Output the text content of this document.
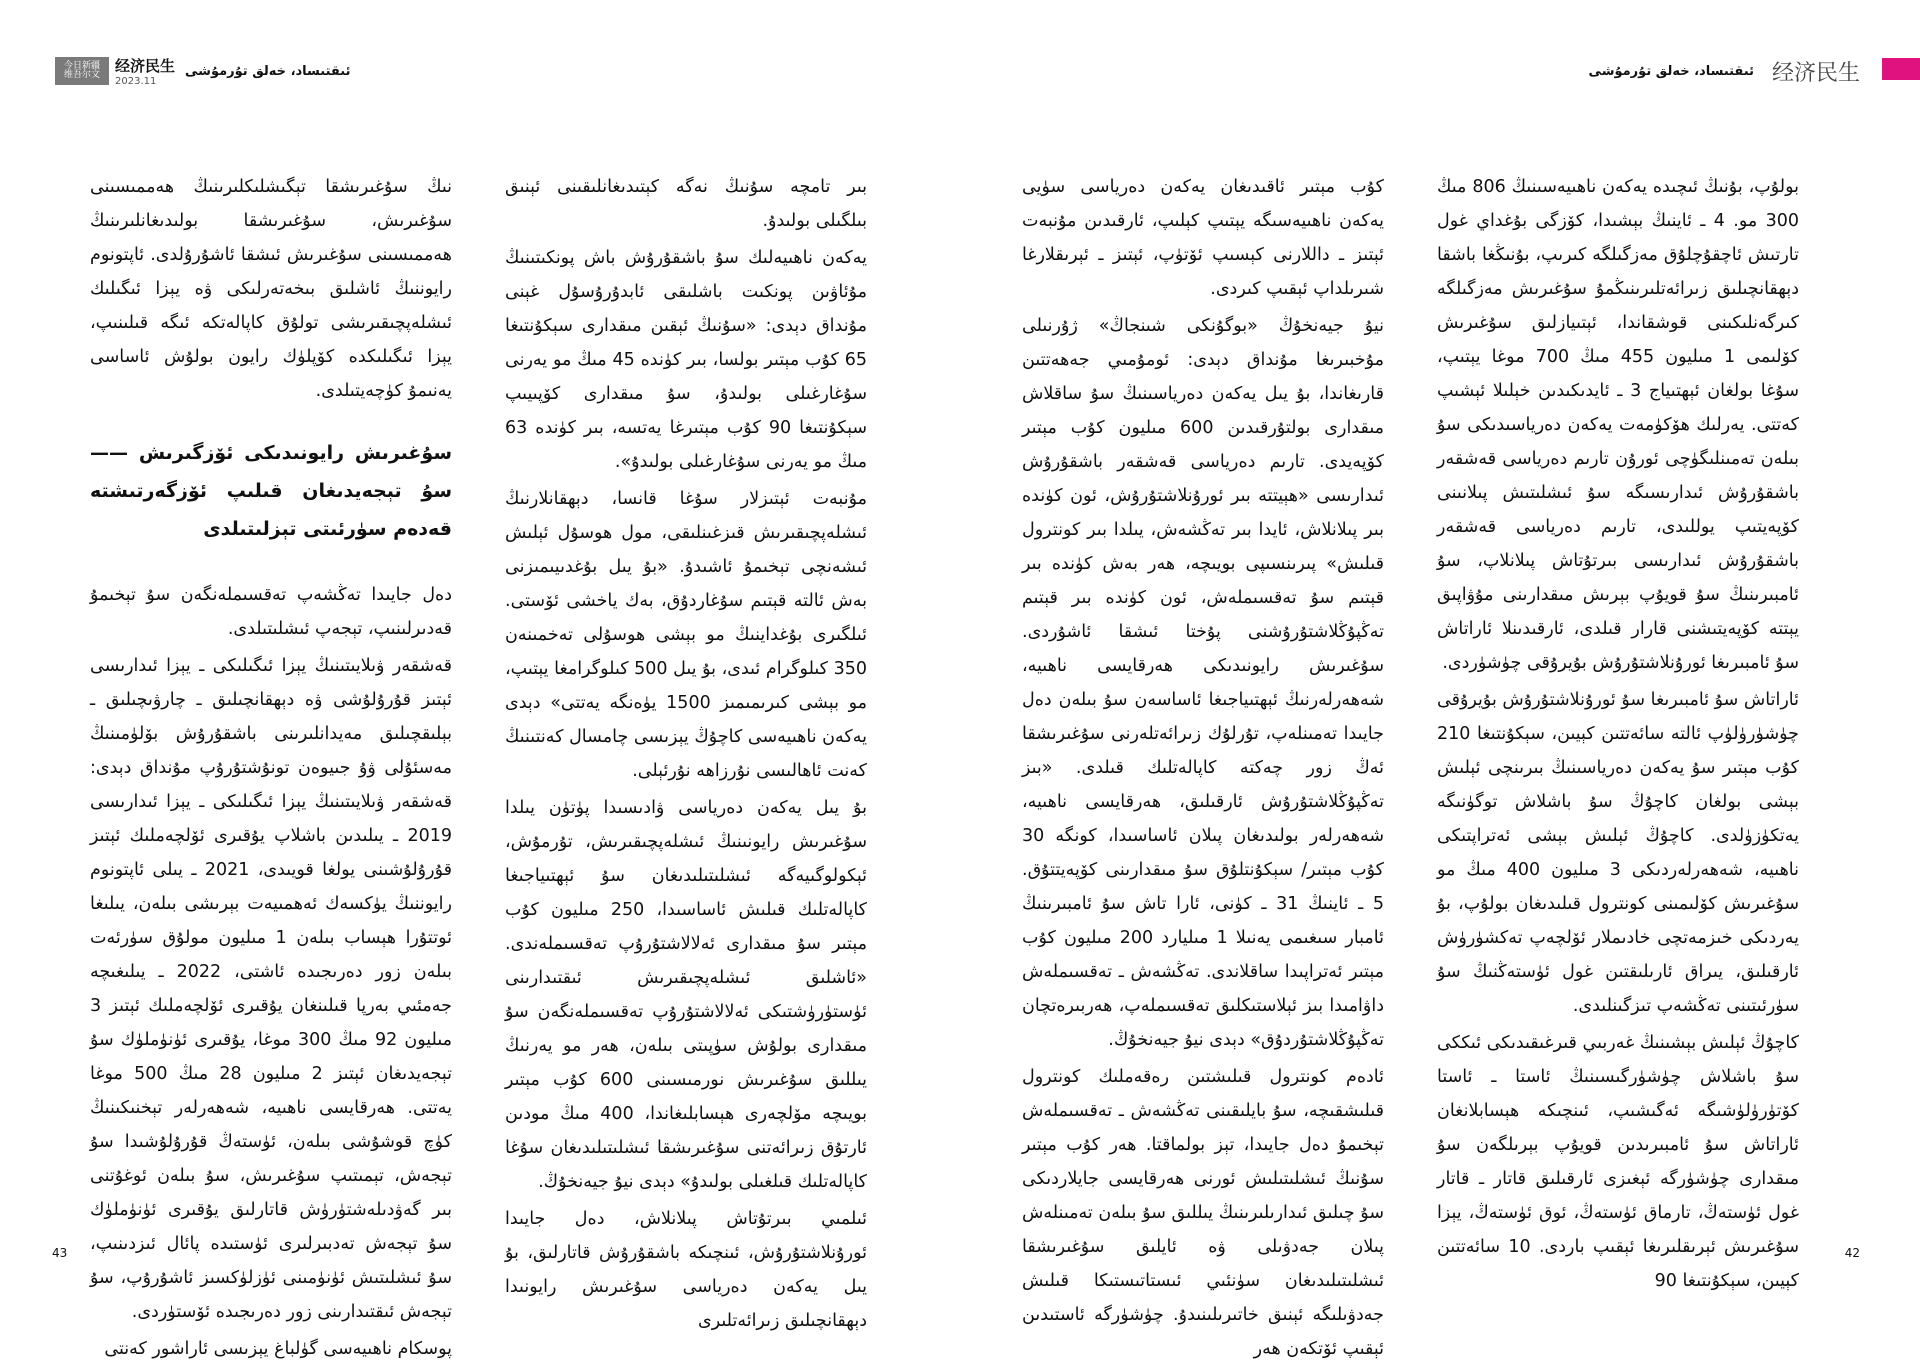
今日新疆
维吾尔文 经济民生
2023.11
ئىقتىساد، خەلق تۇرمۇشى	ئىقتىساد، خەلق تۇرمۇشى 经济民生

نىڭ سۇغىرىشقا تېگىشلىكلىرىنىڭ ھەممىسىنى سۇغىرىش، سۇغىرىشقا بولىدىغانلىرىنىڭ ھەممىسىنى سۇغىرىش ئىشقا ئاشۇرۇلدى. ئاپتونوم رايوننىڭ ئاشلىق بىخەتەرلىكى ۋە يېزا ئىگىلىك ئىشلەپچىقىرىشى تولۇق كاپالەتكە ئىگە قىلىنىپ، يېزا ئىگىلىكدە كۆپلۈك رايون بولۇش ئاساسى يەنىمۇ كۈچەيتىلدى.

سۇغىرىش رايونىدىكى ئۆزگىرىش —— سۇ تېجەيدىغان قىلىپ ئۆزگەرتىشتە قەدەم سۈرئىتى تېزلىتىلدى

دەل جايىدا تەڭشەپ تەقسىملەنگەن سۇ تېخىمۇ قەدىرلىنىپ، تېجەپ ئىشلىتىلدى.

قەشقەر ۋىلايىتىنىڭ يېزا ئىگىلىكى ـ يېزا ئىدارىسى ئېتىز قۇرۇلۇشى ۋە دېھقانچىلىق ـ چارۋىچىلىق ـ بېلىقچىلىق مەيدانلىرىنى باشقۇرۇش بۆلۈمىنىڭ مەسئۇلى ۋۇ جىيوەن تونۇشتۇرۇپ مۇنداق دېدى: قەشقەر ۋىلايىتىنىڭ يېزا ئىگىلىكى ـ يېزا ئىدارىسى 2019 ـ يىلىدىن باشلاپ يۇقىرى ئۆلچەملىك ئېتىز قۇرۇلۇشىنى يولغا قويىدى، 2021 ـ يىلى ئاپتونوم رايوننىڭ يۈكسەك ئەھمىيەت بېرىشى بىلەن، يىلىغا ئوتتۇرا ھېساب بىلەن 1 مىليون مولۇق سۈرئەت بىلەن زور دەرىجىدە ئاشتى، 2022 ـ يىلىغىچە جەمئىي بەرپا قىلىنغان يۇقىرى ئۆلچەملىك ئېتىز 3 مىليون 92 مىڭ 300 موغا، يۇقىرى ئۈنۈملۈك سۇ تېجەيدىغان ئېتىز 2 مىليون 28 مىڭ 500 موغا يەتتى. ھەرقايسى ناھىيە، شەھەرلەر تېخنىكىنىڭ كۈچ قوشۇشى بىلەن، ئۈستەڭ قۇرۇلۇشىدا سۇ تېجەش، تېمىتىپ سۇغىرىش، سۇ بىلەن ئوغۇتنى بىر گەۋدىلەشتۈرۈش قاتارلىق يۇقىرى ئۈنۈملۈك سۇ تېجەش تەدبىرلىرى ئۈستىدە پائال ئىزدىنىپ، سۇ ئىشلىتىش ئۈنۈمىنى ئۈزلۈكسىز ئاشۇرۇپ، سۇ تېجەش ئىقتىدارىنى زور دەرىجىدە ئۆستۈردى.

پوسكام ناھىيەسى گۈلباغ يېزىسى ئاراشور كەنتى

بىر تامچە سۇنىڭ نەگە كېتىدىغانلىقىنى ئېنىق بىلگىلى بولىدۇ.

يەكەن ناھىيەلىك سۇ باشقۇرۇش باش پونكىتىنىڭ مۇئاۋىن پونكىت باشلىقى ئابدۇرۇسۇل غېنى مۇنداق دېدى: «سۇنىڭ ئېقىن مىقدارى سېكۇنتىغا 65 كۇب مېتىر بولسا، بىر كۈندە 45 مىڭ مو يەرنى سۇغارغىلى بولىدۇ، سۇ مىقدارى كۆپىيىپ سېكۇنتىغا 90 كۇب مېتىرغا يەتسە، بىر كۈندە 63 مىڭ مو يەرنى سۇغارغىلى بولىدۇ».

مۇنبەت ئېتىزلار سۇغا قانسا، دېھقانلارنىڭ ئىشلەپچىقىرىش قىزغىنلىقى، مول ھوسۇل ئېلىش ئىشەنچى تېخىمۇ ئاشىدۇ. «بۇ يىل بۇغدىيىمىزنى بەش ئالتە قېتىم سۇغاردۇق، بەك ياخشى ئۆستى. ئىلگىرى بۇغداينىڭ مو بېشى ھوسۇلى تەخمىنەن 350 كىلوگرام ئىدى، بۇ يىل 500 كىلوگرامغا يېتىپ، مو بېشى كىرىمىمىز 1500 يۈەنگە يەتتى» دېدى يەكەن ناھىيەسى كاچۇڭ يېزىسى چامسال كەنتىنىڭ كەنت ئاھالىسى نۇرزاھە نۇرئېلى.

بۇ يىل يەكەن دەرياسى ۋادىسىدا پۈتۈن يىلدا سۇغىرىش رايونىنىڭ ئىشلەپچىقىرىش، تۇرمۇش، ئېكولوگىيەگە ئىشلىتىلىدىغان سۇ ئېھتىياجىغا كاپالەتلىك قىلىش ئاساسىدا، 250 مىليون كۇب مېتىر سۇ مىقدارى ئەلالاشتۇرۇپ تەقسىملەندى. «ئاشلىق ئىشلەپچىقىرىش ئىقتىدارىنى ئۈستۈرۈشتىكى ئەلالاشتۇرۇپ تەقسىملەنگەن سۇ مىقدارى بولۇش سۈپىتى بىلەن، ھەر مو يەرنىڭ يىللىق سۇغىرىش نورمىسىنى 600 كۇب مېتىر بويىچە مۆلچەرى ھېسابلىغاندا، 400 مىڭ مودىن ئارتۇق زىرائەتنى سۇغىرىشقا ئىشلىتىلىدىغان سۇغا كاپالەتلىك قىلغىلى بولىدۇ» دېدى نيۇ جيەنخۇڭ.

ئىلمىي بىرتۇتاش پىلانلاش، دەل جايىدا ئورۇنلاشتۇرۇش، ئىنچىكە باشقۇرۇش قاتارلىق، بۇ يىل يەكەن دەرياسى سۇغىرىش رايونىدا دېھقانچىلىق زىرائەتلىرى

كۇب مېتىر ئاقىدىغان يەكەن دەرياسى سۈيى يەكەن ناھىيەسىگە يېتىپ كېلىپ، ئارقىدىن مۇنبەت ئېتىز ـ داللارنى كېسىپ ئۆتۈپ، ئېتىز ـ ئېرىقلارغا شىرىلداپ ئېقىپ كىردى.

نيۇ جيەنخۇڭ «بوگۇنكى شىنجاڭ» ژۇرنىلى مۇخبىرىغا مۇنداق دېدى: ئومۇمىي جەھەتتىن قارىغاندا، بۇ يىل يەكەن دەرياسىنىڭ سۇ ساقلاش مىقدارى بولتۇرقىدىن 600 مىليون كۇب مېتىر كۆپەيدى. تارىم دەرياسى قەشقەر باشقۇرۇش ئىدارىسى «ھېيتتە بىر ئورۇنلاشتۇرۇش، ئون كۈندە بىر پىلانلاش، ئايدا بىر تەڭشەش، يىلدا بىر كونترول قىلىش» پىرىنسىپى بويىچە، ھەر بەش كۈندە بىر قېتىم سۇ تەقسىملەش، ئون كۈندە بىر قېتىم تەڭپۇڭلاشتۇرۇشنى پۇختا ئىشقا ئاشۇردى. سۇغىرىش رايونىدىكى ھەرقايسى ناھىيە، شەھەرلەرنىڭ ئېھتىياجىغا ئاساسەن سۇ بىلەن دەل جايىدا تەمىنلەپ، تۇرلۇك زىرائەتلەرنى سۇغىرىشقا ئەڭ زور چەكتە كاپالەتلىك قىلدى. «بىز تەڭپۇڭلاشتۇرۇش ئارقىلىق، ھەرقايسى ناھىيە، شەھەرلەر بولىدىغان پىلان ئاساسىدا، كونگە 30 كۇب مېتىر/ سېكۇنتلۇق سۇ مىقدارىنى كۆپەيتتۇق. 5 ـ ئاينىڭ 31 ـ كۈنى، ئارا تاش سۇ ئامبىرىنىڭ ئامبار سىغىمى يەنىلا 1 مىليارد 200 مىليون كۇب مېتىر ئەتراپىدا ساقلاندى. تەڭشەش ـ تەقسىملەش داۋامىدا بىز ئېلاستىكلىق تەقسىملەپ، ھەربىرەتچان تەڭپۇڭلاشتۇردۇق» دېدى نيۇ جيەنخۇڭ.

ئادەم كونترول قىلىشتىن رەقەملىك كونترول قىلىشقىچە، سۇ بايلىقىنى تەڭشەش ـ تەقسىملەش تېخىمۇ دەل جايىدا، تېز بولماقتا. ھەر كۇب مېتىر سۇنىڭ ئىشلىتىلىش ئورنى ھەرقايسى جايلاردىكى سۇ چىلىق ئىدارىلىرىنىڭ يىللىق سۇ بىلەن تەمىنلەش پىلان جەدۋىلى ۋە ئايلىق سۇغىرىشقا ئىشلىتىلىدىغان سۈنئىي ئىستاتىستىكا قىلىش جەدۋىلىگە ئېنىق خاتىرىلىنىدۇ. چۈشۈرگە ئاستىدىن ئېقىپ ئۆتكەن ھەر

بولۇپ، بۇنىڭ ئىچىدە يەكەن ناھىيەسىنىڭ 806 مىڭ 300 مو. 4 ـ ئاينىڭ بېشىدا، كۆزگى بۇغداي غول تارتىش ئاچقۇچلۇق مەزگىلگە كىرىپ، بۇنىڭغا باشقا دېھقانچىلىق زىرائەتلىرىنىڭمۇ سۇغىرىش مەزگىلگە كىرگەنلىكىنى قوشقاندا، ئېتىيازلىق سۇغىرىش كۆلىمى 1 مىليون 455 مىڭ 700 موغا يېتىپ، سۇغا بولغان ئېھتىياج 3 ـ ئايدىكىدىن خېلىلا ئېشىپ كەتتى. يەرلىك ھۆكۈمەت يەكەن دەرياسىدىكى سۇ بىلەن تەمىنلىگۈچى ئورۇن تارىم دەرياسى قەشقەر باشقۇرۇش ئىدارىسىگە سۇ ئىشلىتىش پىلانىنى كۆپەيتىپ يوللىدى، تارىم دەرياسى قەشقەر باشقۇرۇش ئىدارىسى بىرتۇتاش پىلانلاپ، سۇ ئامبىرىنىڭ سۇ قويۇپ بېرىش مىقدارىنى مۇۋاپىق يېتتە كۆپەيتىشنى قارار قىلدى، ئارقىدىنلا ئاراتاش سۇ ئامبىرىغا ئورۇنلاشتۇرۇش بۇيرۇقى چۈشۈردى.

ئاراتاش سۇ ئامبىرىغا سۇ ئورۇنلاشتۇرۇش بۇيرۇقى چۈشۈرۈلۈپ ئالتە سائەتتىن كېيىن، سېكۇنتىغا 210 كۇب مېتىر سۇ يەكەن دەرياسىنىڭ بىرىنچى ئېلىش بېشى بولغان كاچۇڭ سۇ باشلاش توگۈنىگە يەتكۈزۈلدى. كاچۇڭ ئېلىش بېشى ئەتراپتىكى ناھىيە، شەھەرلەردىكى 3 مىليون 400 مىڭ مو سۇغىرىش كۆلىمىنى كونترول قىلىدىغان بولۇپ، بۇ يەردىكى خىزمەتچى خادىملار ئۆلچەپ تەكشۈرۈش ئارقىلىق، يىراق ئارىلىقتىن غول ئۈستەڭنىڭ سۇ سۈرئىتىنى تەڭشەپ تىزگىنلىدى.

كاچۇڭ ئېلىش بېشىنىڭ غەربىي قىرغىقىدىكى ئىككى سۇ باشلاش چۈشۈرگىسىنىڭ ئاستا ـ ئاستا كۆتۈرۈلۈشىگە ئەگىشىپ، ئىنچىكە ھېسابلانغان ئاراتاش سۇ ئامبىرىدىن قويۇپ بېرىلگەن سۇ مىقدارى چۈشۈرگە ئېغىزى ئارقىلىق قاتار ـ قاتار غول ئۈستەڭ، تارماق ئۈستەڭ، ئوق ئۈستەڭ، يېزا سۇغىرىش ئېرىقلىرىغا ئېقىپ باردى. 10 سائەتتىن كېيىن، سېكۇنتىغا 90

43	42
